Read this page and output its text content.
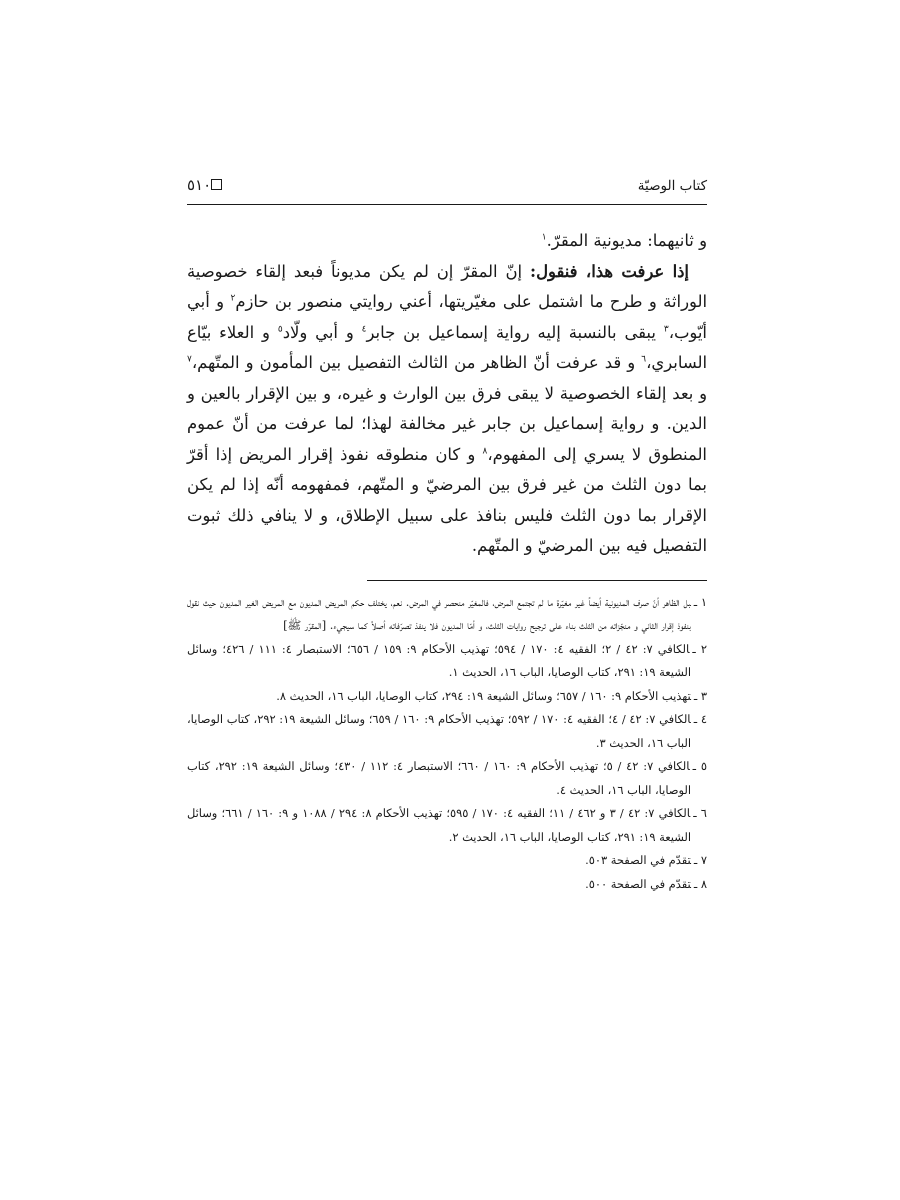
كتاب الوصيّة
٥١٠

و ثانيهما: مديونية المقرّ.$^١$

إذا عرفت هذا، فنقول: إنّ المقرّ إن لم يكن مديوناً فبعد إلقاء خصوصية الوراثة و طرح ما اشتمل على مغيّريتها، أعني روايتي منصور بن حازم$^٢$ و أبي أيّوب،$^٣$ يبقى بالنسبة إليه رواية إسماعيل بن جابر$^٤$ و أبي ولّاد$^٥$ و العلاء بيّاع السابري،$^٦$ و قد عرفت أنّ الظاهر من الثالث التفصيل بين المأمون و المتّهم،$^٧$ و بعد إلقاء الخصوصية لا يبقى فرق بين الوارث و غيره، و بين الإقرار بالعين و الدين. و رواية إسماعيل بن جابر غير مخالفة لهذا؛ لما عرفت من أنّ عموم المنطوق لا يسري إلى المفهوم،$^٨$ و كان منطوقه نفوذ إقرار المريض إذا أقرّ بما دون الثلث من غير فرق بين المرضيّ و المتّهم، فمفهومه أنّه إذا لم يكن الإقرار بما دون الثلث فليس بنافذ على سبيل الإطلاق، و لا ينافي ذلك ثبوت التفصيل فيه بين المرضيّ و المتّهم.

١ ـبل الظاهر أنّ صرف المديونية أيضاً غير مغيّرة ما لم تجتمع المرض، فالمغيّر منحصر في المرض. نعم، يختلف حكم المريض المديون مع المريض الغير المديون حيث نقول بنفوذ إقرار الثاني و منجّزاته من الثلث بناء على ترجيح روايات الثلث، و أمّا المديون فلا ينفذ تصرّفاته أصلاً كما سيجيء. [المقرّر ﷺ]

٢ ـالكافي ٧: ٤٢ / ٢؛ الفقيه ٤: ١٧٠ / ٥٩٤؛ تهذيب الأحكام ٩: ١٥٩ / ٦٥٦؛ الاستبصار ٤: ١١١ / ٤٢٦؛ وسائل الشيعة ١٩: ٢٩١، كتاب الوصايا، الباب ١٦، الحديث ١.

٣ ـتهذيب الأحكام ٩: ١٦٠ / ٦٥٧؛ وسائل الشيعة ١٩: ٢٩٤، كتاب الوصايا، الباب ١٦، الحديث ٨.

٤ ـالكافي ٧: ٤٢ / ٤؛ الفقيه ٤: ١٧٠ / ٥٩٢؛ تهذيب الأحكام ٩: ١٦٠ / ٦٥٩؛ وسائل الشيعة ١٩: ٢٩٢، كتاب الوصايا، الباب ١٦، الحديث ٣.

٥ ـالكافي ٧: ٤٢ / ٥؛ تهذيب الأحكام ٩: ١٦٠ / ٦٦٠؛ الاستبصار ٤: ١١٢ / ٤٣٠؛ وسائل الشيعة ١٩: ٢٩٢، كتاب الوصايا، الباب ١٦، الحديث ٤.

٦ ـالكافي ٧: ٤٢ / ٣ و ٤٦٢ / ١١؛ الفقيه ٤: ١٧٠ / ٥٩٥؛ تهذيب الأحكام ٨: ٢٩٤ / ١٠٨٨ و ٩: ١٦٠ / ٦٦١؛ وسائل الشيعة ١٩: ٢٩١، كتاب الوصايا، الباب ١٦، الحديث ٢.

٧ ـتقدّم في الصفحة ٥٠٣.

٨ ـتقدّم في الصفحة ٥٠٠.
